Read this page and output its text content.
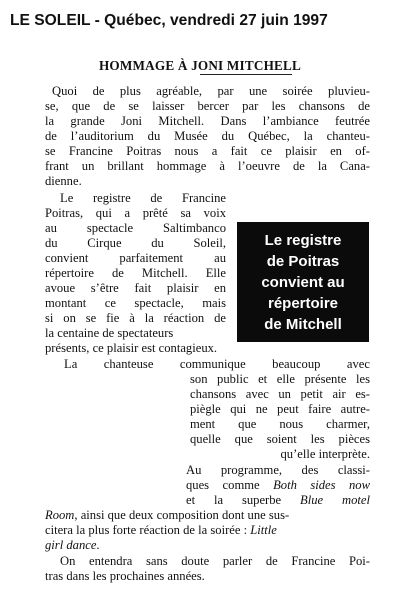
LE SOLEIL - Québec, vendredi 27 juin 1997
HOMMAGE À JONI MITCHELL
Quoi de plus agréable, par une soirée pluvieu-
se, que de se laisser bercer par les chansons de
la grande Joni Mitchell. Dans l’ambiance feutrée
de l’auditorium du Musée du Québec, la chanteu-
se Francine Poitras nous a fait ce plaisir en of-
frant un brillant hommage à l’oeuvre de la Cana-
dienne.
Le registre de Francine
Poitras, qui a prêté sa voix
au spectacle Saltimbanco
du Cirque du Soleil,
convient parfaitement au
répertoire de Mitchell. Elle
avoue s’être fait plaisir en
montant ce spectacle, mais
si on se fie à la réaction de
la centaine de spectateurs
présents, ce plaisir est contagieux.
Le registre
de Poitras
convient au
répertoire
de Mitchell
La chanteuse communique beaucoup avec
son public et elle présente les
chansons avec un petit air es-
piègle qui ne peut faire autre-
ment que nous charmer,
quelle que soient les pièces
qu’elle interprète.
Au programme, des classi-
ques comme Both sides now
et la superbe Blue motel
Room, ainsi que deux composition dont une sus-
citera la plus forte réaction de la soirée : Little
girl dance.
On entendra sans doute parler de Francine Poi-
tras dans les prochaines années.
